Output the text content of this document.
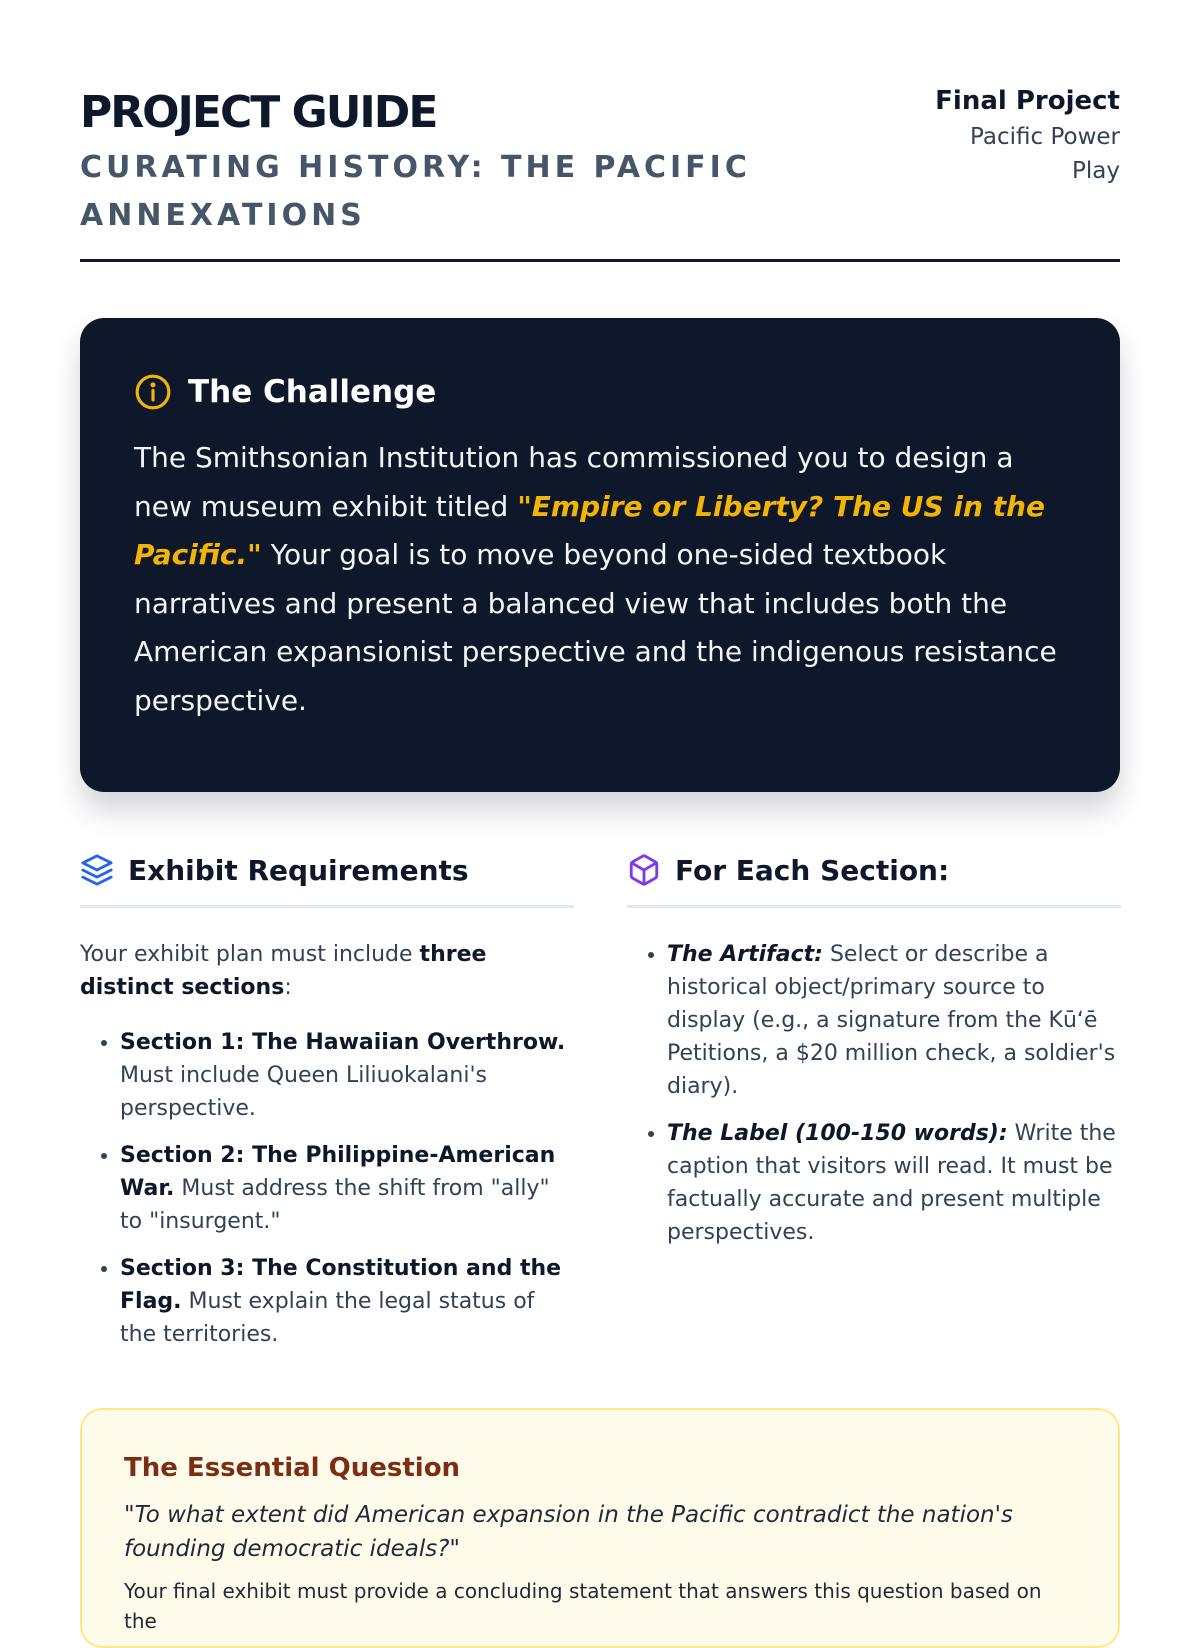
PROJECT GUIDE
CURATING HISTORY: THE PACIFIC ANNEXATIONS
Final Project
Pacific Power
Play
The Challenge
The Smithsonian Institution has commissioned you to design a new museum exhibit titled "Empire or Liberty? The US in the Pacific." Your goal is to move beyond one-sided textbook narratives and present a balanced view that includes both the American expansionist perspective and the indigenous resistance perspective.
Exhibit Requirements
Your exhibit plan must include three distinct sections:
• Section 1: The Hawaiian Overthrow. Must include Queen Liliuokalani's perspective.
• Section 2: The Philippine-American War. Must address the shift from "ally" to "insurgent."
• Section 3: The Constitution and the Flag. Must explain the legal status of the territories.
For Each Section:
• The Artifact: Select or describe a historical object/primary source to display (e.g., a signature from the Kūʻē Petitions, a $20 million check, a soldier's diary).
• The Label (100-150 words): Write the caption that visitors will read. It must be factually accurate and present multiple perspectives.
The Essential Question
"To what extent did American expansion in the Pacific contradict the nation's founding democratic ideals?"
Your final exhibit must provide a concluding statement that answers this question based on the
